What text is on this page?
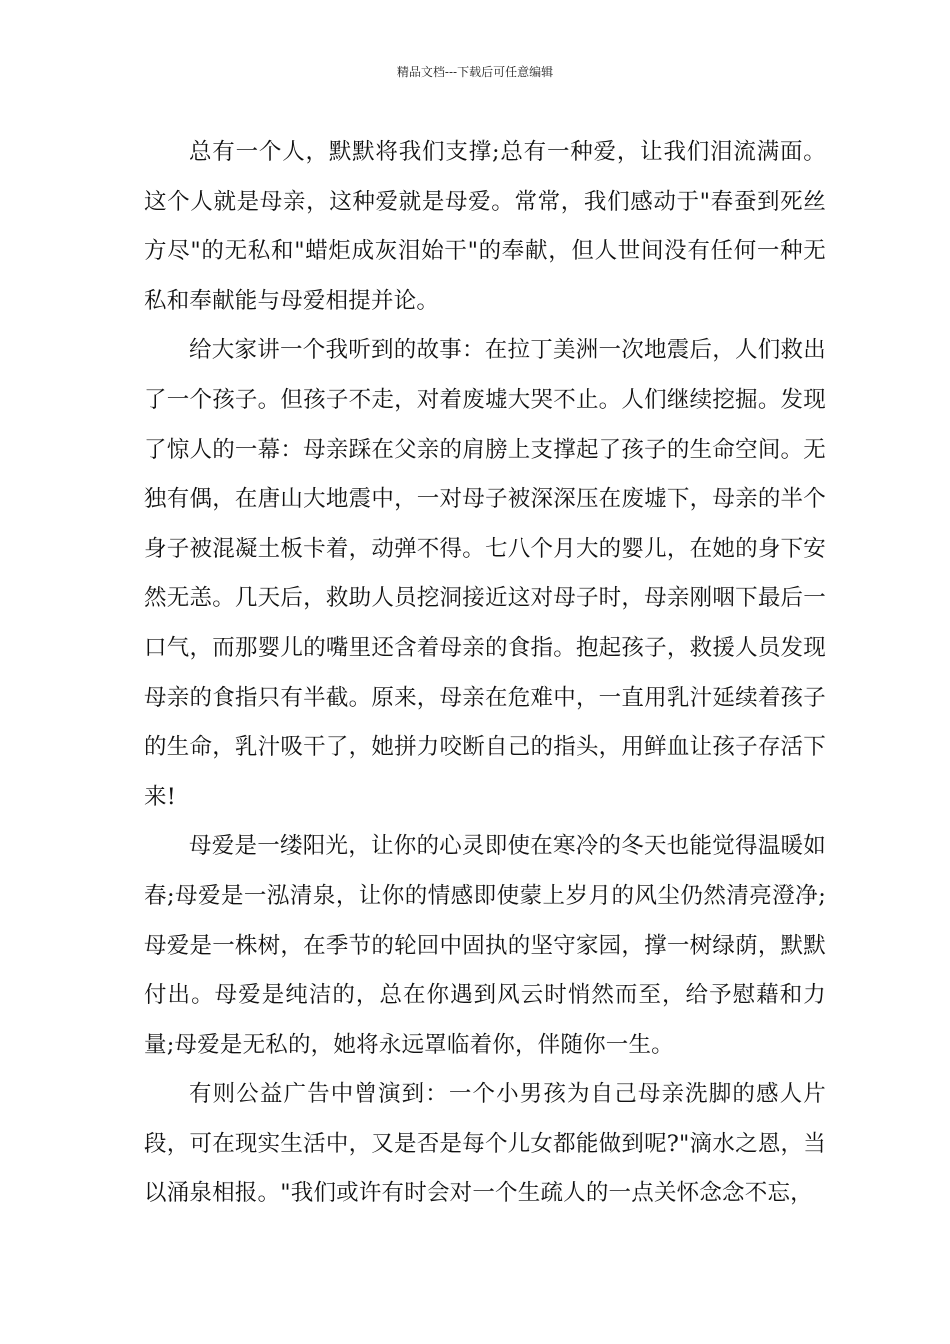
精品文档---下载后可任意编辑

总有一个人，默默将我们支撑;总有一种爱，让我们泪流满面。这个人就是母亲，这种爱就是母爱。常常，我们感动于"春蚕到死丝方尽"的无私和"蜡炬成灰泪始干"的奉献，但人世间没有任何一种无私和奉献能与母爱相提并论。

给大家讲一个我听到的故事：在拉丁美洲一次地震后，人们救出了一个孩子。但孩子不走，对着废墟大哭不止。人们继续挖掘。发现了惊人的一幕：母亲踩在父亲的肩膀上支撑起了孩子的生命空间。无独有偶，在唐山大地震中，一对母子被深深压在废墟下，母亲的半个身子被混凝土板卡着，动弹不得。七八个月大的婴儿，在她的身下安然无恙。几天后，救助人员挖洞接近这对母子时，母亲刚咽下最后一口气，而那婴儿的嘴里还含着母亲的食指。抱起孩子，救援人员发现母亲的食指只有半截。原来，母亲在危难中，一直用乳汁延续着孩子的生命，乳汁吸干了，她拼力咬断自己的指头，用鲜血让孩子存活下来!

母爱是一缕阳光，让你的心灵即使在寒冷的冬天也能觉得温暖如春;母爱是一泓清泉，让你的情感即使蒙上岁月的风尘仍然清亮澄净;母爱是一株树，在季节的轮回中固执的坚守家园，撑一树绿荫，默默付出。母爱是纯洁的，总在你遇到风云时悄然而至，给予慰藉和力量;母爱是无私的，她将永远罩临着你，伴随你一生。

有则公益广告中曾演到：一个小男孩为自己母亲洗脚的感人片段，可在现实生活中，又是否是每个儿女都能做到呢?"滴水之恩，当以涌泉相报。"我们或许有时会对一个生疏人的一点关怀念念不忘，
